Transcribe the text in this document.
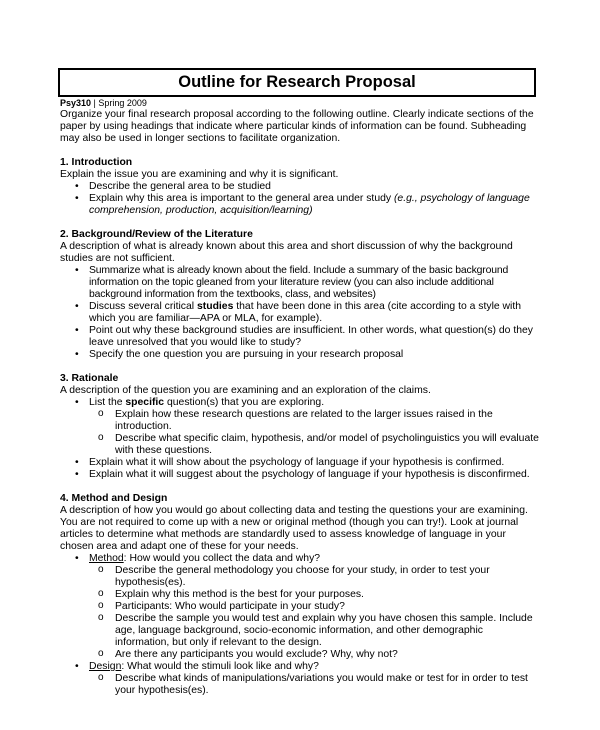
Outline for Research Proposal
Psy310 | Spring 2009

Organize your final research proposal according to the following outline. Clearly indicate sections of the paper by using headings that indicate where particular kinds of information can be found. Subheading may also be used in longer sections to facilitate organization.

1. Introduction

Explain the issue you are examining and why it is significant.

• Describe the general area to be studied
• Explain why this area is important to the general area under study (e.g., psychology of language comprehension, production, acquisition/learning)

2. Background/Review of the Literature

A description of what is already known about this area and short discussion of why the background studies are not sufficient.

• Summarize what is already known about the field. Include a summary of the basic background information on the topic gleaned from your literature review (you can also include additional background information from the textbooks, class, and websites)
• Discuss several critical studies that have been done in this area (cite according to a style with which you are familiar—APA or MLA, for example).
• Point out why these background studies are insufficient. In other words, what question(s) do they leave unresolved that you would like to study?
• Specify the one question you are pursuing in your research proposal

3. Rationale

A description of the question you are examining and an exploration of the claims.

• List the specific question(s) that you are exploring.
o Explain how these research questions are related to the larger issues raised in the introduction.
o Describe what specific claim, hypothesis, and/or model of psycholinguistics you will evaluate with these questions.
• Explain what it will show about the psychology of language if your hypothesis is confirmed.
• Explain what it will suggest about the psychology of language if your hypothesis is disconfirmed.

4. Method and Design

A description of how you would go about collecting data and testing the questions your are examining. You are not required to come up with a new or original method (though you can try!). Look at journal articles to determine what methods are standardly used to assess knowledge of language in your chosen area and adapt one of these for your needs.

• Method: How would you collect the data and why?
o Describe the general methodology you choose for your study, in order to test your hypothesis(es).
o Explain why this method is the best for your purposes.
o Participants: Who would participate in your study?
o Describe the sample you would test and explain why you have chosen this sample. Include age, language background, socio-economic information, and other demographic information, but only if relevant to the design.
o Are there any participants you would exclude? Why, why not?
• Design: What would the stimuli look like and why?
o Describe what kinds of manipulations/variations you would make or test for in order to test your hypothesis(es).
